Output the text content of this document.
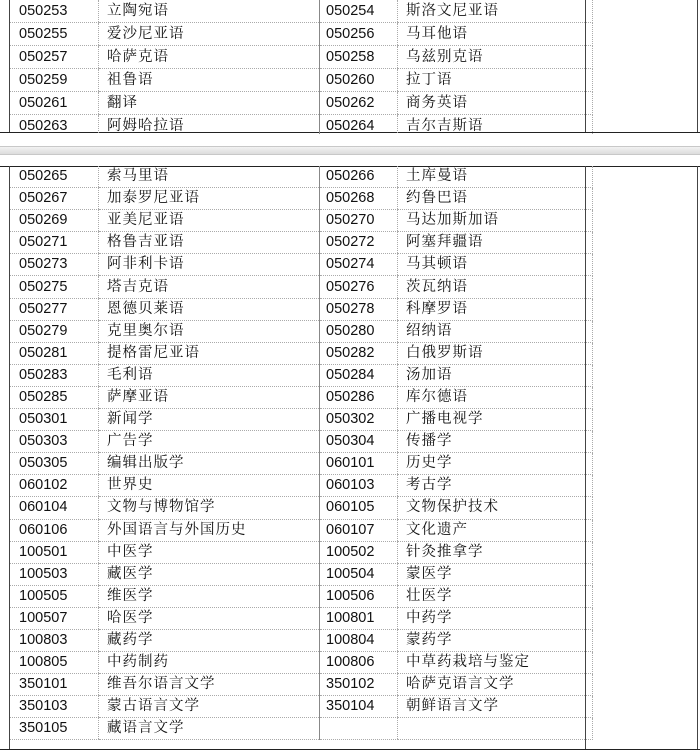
050253	立陶宛语	050254	斯洛文尼亚语
050255	爱沙尼亚语	050256	马耳他语
050257	哈萨克语	050258	乌兹别克语
050259	祖鲁语	050260	拉丁语
050261	翻译	050262	商务英语
050263	阿姆哈拉语	050264	吉尔吉斯语
050265	索马里语	050266	土库曼语
050267	加泰罗尼亚语	050268	约鲁巴语
050269	亚美尼亚语	050270	马达加斯加语
050271	格鲁吉亚语	050272	阿塞拜疆语
050273	阿非利卡语	050274	马其顿语
050275	塔吉克语	050276	茨瓦纳语
050277	恩德贝莱语	050278	科摩罗语
050279	克里奥尔语	050280	绍纳语
050281	提格雷尼亚语	050282	白俄罗斯语
050283	毛利语	050284	汤加语
050285	萨摩亚语	050286	库尔德语
050301	新闻学	050302	广播电视学
050303	广告学	050304	传播学
050305	编辑出版学	060101	历史学
060102	世界史	060103	考古学
060104	文物与博物馆学	060105	文物保护技术
060106	外国语言与外国历史	060107	文化遗产
100501	中医学	100502	针灸推拿学
100503	藏医学	100504	蒙医学
100505	维医学	100506	壮医学
100507	哈医学	100801	中药学
100803	藏药学	100804	蒙药学
100805	中药制药	100806	中草药栽培与鉴定
350101	维吾尔语言文学	350102	哈萨克语言文学
350103	蒙古语言文学	350104	朝鲜语言文学
350105	藏语言文学		
